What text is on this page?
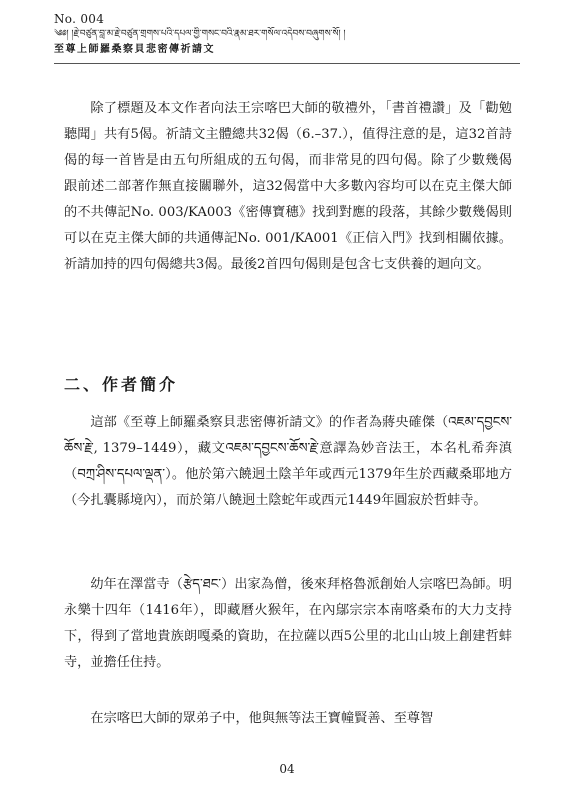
No. 004
༄༅། །རྗེ་བཙུན་བླ་མ་རྗེ་བཙུན་གྲགས་པའི་དཔལ་གྱི་གསང་བའི་རྣམ་ཐར་གསོལ་འདེབས་བཞུགས་སོ། །
至尊上師羅桑察貝悲密傳祈請文

除了標題及本文作者向法王宗喀巴大師的敬禮外，「書首禮讚」及「勸勉聽聞」共有5偈。祈請文主體總共32偈（6.–37.），值得注意的是，這32首詩偈的每一首皆是由五句所組成的五句偈，而非常見的四句偈。除了少數幾偈跟前述二部著作無直接關聯外，這32偈當中大多數內容均可以在克主傑大師的不共傳記No. 003/KA003《密傳寶穗》找到對應的段落，其餘少數幾偈則可以在克主傑大師的共通傳記No. 001/KA001《正信入門》找到相關依據。祈請加持的四句偈總共3偈。最後2首四句偈則是包含七支供養的迴向文。

二、作者簡介

這部《至尊上師羅桑察貝悲密傳祈請文》的作者為蔣央確傑（འཇམ་དབྱངས་ཆོས་རྗེ་, 1379–1449），藏文འཇམ་དབྱངས་ཆོས་རྗེ་意譯為妙音法王，本名札希奔滇（བཀྲ་ཤིས་དཔལ་ལྡན་）。他於第六饒迥土陰羊年或西元1379年生於西藏桑耶地方（今扎囊縣境內），而於第八饒迥土陰蛇年或西元1449年圓寂於哲蚌寺。

幼年在澤當寺（རྩེད་ཐང་）出家為僧，後來拜格魯派創始人宗喀巴為師。明永樂十四年（1416年），即藏曆火猴年，在內鄔宗宗本南喀桑布的大力支持下，得到了當地貴族朗嘎桑的資助，在拉薩以西5公里的北山山坡上創建哲蚌寺，並擔任住持。

在宗喀巴大師的眾弟子中，他與無等法王寶幢賢善、至尊智

04
